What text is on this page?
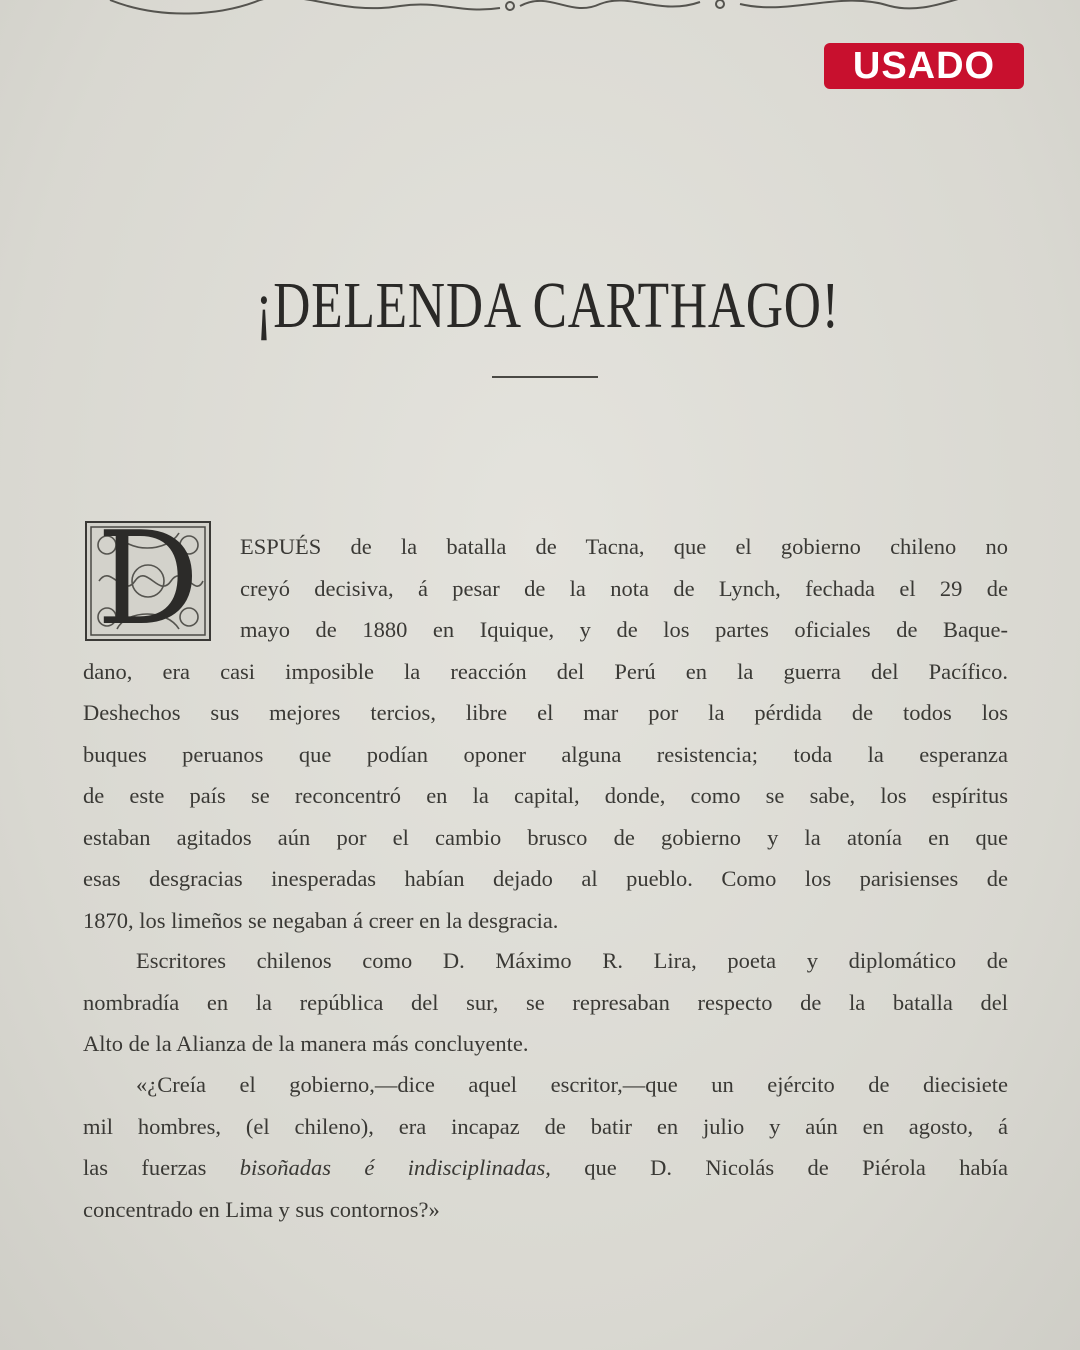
USADO
¡DELENDA CARTHAGO!
D	ESPUÉS de la batalla de Tacna, que el gobierno chileno no
creyó decisiva, á pesar de la nota de Lynch, fechada el 29 de
mayo de 1880 en Iquique, y de los partes oficiales de Baque-
dano, era casi imposible la reacción del Perú en la guerra del Pacífico.
Deshechos sus mejores tercios, libre el mar por la pérdida de todos los
buques peruanos que podían oponer alguna resistencia; toda la esperanza
de este país se reconcentró en la capital, donde, como se sabe, los espíritus
estaban agitados aún por el cambio brusco de gobierno y la atonía en que
esas desgracias inesperadas habían dejado al pueblo. Como los parisienses de
1870, los limeños se negaban á creer en la desgracia.
Escritores chilenos como D. Máximo R. Lira, poeta y diplomático de
nombradía en la república del sur, se represaban respecto de la batalla del
Alto de la Alianza de la manera más concluyente.
«¿Creía el gobierno,—dice aquel escritor,—que un ejército de diecisiete
mil hombres, (el chileno), era incapaz de batir en julio y aún en agosto, á
las fuerzas bisoñadas é indisciplinadas, que D. Nicolás de Piérola había
concentrado en Lima y sus contornos?»
